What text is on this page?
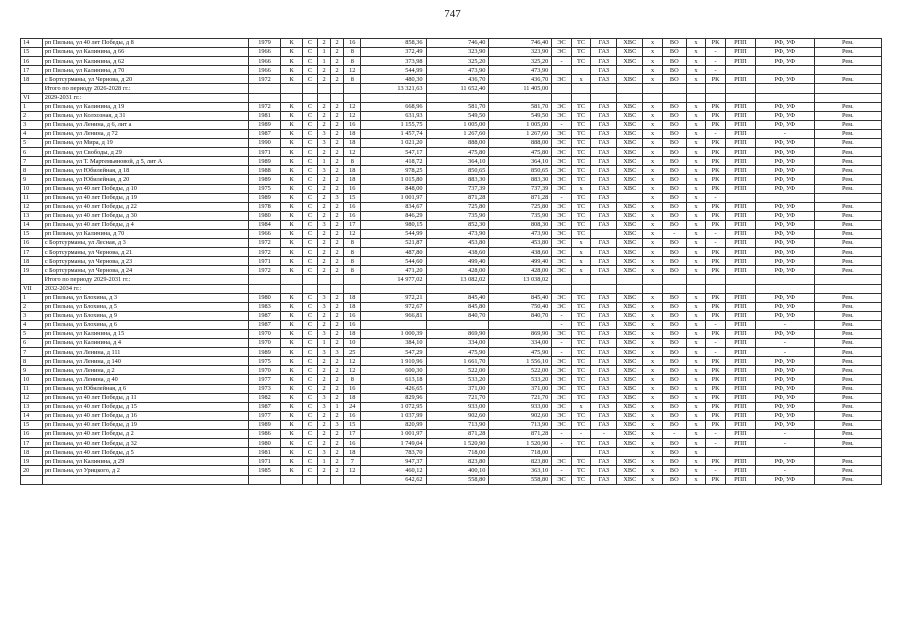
747
14	рп Пильна, ул 40 лет Победы, д 8	1979	К	С	2	2	16	858,36	746,40	746,40	ЭС	ТС	ГАЗ	ХВС	х	ВО	х	РК	РПП	РФ, УФ	Рем.
15	рп Пильна, ул Калинина, д 66	1966	К	С	1	2	8	372,49	323,90	323,90	ЭС	ТС	ГАЗ	ХВС	х	ВО	х	-	РПП	РФ, УФ	Рем.
16	рп Пильна, ул Калинина, д 62	1966	К	С	1	2	8	373,98	325,20	325,20	-	ТС	ГАЗ	ХВС	х	ВО	х	-	РПП	РФ, УФ	Рем.
17	рп Пильна, ул Калинина, д 70	1966	К	С	2	2	12	544,99	473,90	473,90			ГАЗ		х	ВО	х	-			
18	с Бортсурманы, ул Чернова, д 20	1972	К	С	2	2	8	480,30	436,70	436,70	ЭС	х	ГАЗ	ХВС	х	ВО	х	РК	РПП	РФ, УФ	Рем.
	Итого по периоду 2026-2028 гг.:							13 321,63	11 652,40	11 405,00											
VI	2029-2031 гг.:																				
1	рп Пильна, ул Калинина, д 19	1972	К	С	2	2	12	668,96	581,70	581,70	ЭС	ТС	ГАЗ	ХВС	х	ВО	х	РК	РПП	РФ, УФ	Рем.
2	рп Пильна, ул Колхозная, д 31	1981	К	С	2	2	12	631,93	549,50	549,50	ЭС	ТС	ГАЗ	ХВС	х	ВО	х	РК	РПП	РФ, УФ	Рем.
3	рп Пильна, ул Ленина, д 6, лит а	1989	К	С	2	2	16	1 155,75	1 005,00	1 005,00	-	ТС	ГАЗ	ХВС	х	ВО	х	РК	РПП	РФ, УФ	Рем.
4	рп Пильна, ул Ленина, д 72	1987	К	С	3	2	18	1 457,74	1 267,60	1 267,60	ЭС	ТС	ГАЗ	ХВС	х	ВО	х	-	РПП	-	Рем.
5	рп Пильна, ул Мира, д 19	1990	К	С	3	2	18	1 021,20	888,00	888,00	ЭС	ТС	ГАЗ	ХВС	х	ВО	х	РК	РПП	РФ, УФ	Рем.
6	рп Пильна, ул Свободы, д 29	1971	К	С	2	2	12	547,17	475,80	475,80	ЭС	ТС	ГАЗ	ХВС	х	ВО	х	РК	РПП	РФ, УФ	Рем.
7	рп Пильна, ул Т. Мартемьяновой, д 5, лит А	1989	К	С	1	2	8	418,72	364,10	364,10	ЭС	ТС	ГАЗ	ХВС	х	ВО	х	РК	РПП	РФ, УФ	Рем.
8	рп Пильна, ул Юбилейная, д 18	1988	К	С	3	2	18	978,25	850,65	850,65	ЭС	ТС	ГАЗ	ХВС	х	ВО	х	РК	РПП	РФ, УФ	Рем.
9	рп Пильна, ул Юбилейная, д 20	1989	К	С	2	2	18	1 015,80	883,30	883,30	ЭС	ТС	ГАЗ	ХВС	х	ВО	х	РК	РПП	РФ, УФ	Рем.
10	рп Пильна, ул 40 лет Победы, д 10	1975	К	С	2	2	16	848,00	737,39	737,39	ЭС	х	ГАЗ	ХВС	х	ВО	х	РК	РПП	РФ, УФ	Рем.
11	рп Пильна, ул 40 лет Победы, д 19	1989	К	С	2	3	15	1 001,97	871,28	871,28	-	ТС	ГАЗ		х	ВО	х	-			
12	рп Пильна, ул 40 лет Победы, д 22	1978	К	С	2	2	16	834,67	725,80	725,80	ЭС	ТС	ГАЗ	ХВС	х	ВО	х	РК	РПП	РФ, УФ	Рем.
13	рп Пильна, ул 40 лет Победы, д 30	1980	К	С	2	2	16	846,29	735,90	735,90	ЭС	ТС	ГАЗ	ХВС	х	ВО	х	РК	РПП	РФ, УФ	Рем.
14	рп Пильна, ул 40 лет Победы, д 4	1984	К	С	3	2	17	980,15	852,30	808,30	ЭС	ТС	ГАЗ	ХВС	х	ВО	х	РК	РПП	РФ, УФ	Рем.
15	рп Пильна, ул Калинина, д 70	1966	К	С	2	2	12	544,99	473,90	473,90	ЭС	ТС		ХВС	х	-	х	-	РПП	РФ, УФ	Рем.
16	с Бортсурманы, ул Лесная, д 3	1972	К	С	2	2	8	521,87	453,80	453,80	ЭС	х	ГАЗ	ХВС	х	ВО	х	-	РПП	РФ, УФ	Рем.
17	с Бортсурманы, ул Чернова, д 21	1972	К	С	2	2	8	487,80	438,60	438,60	ЭС	х	ГАЗ	ХВС	х	ВО	х	РК	РПП	РФ, УФ	Рем.
18	с Бортсурманы, ул Чернова, д 23	1971	К	С	2	2	8	544,60	499,40	499,40	ЭС	х	ГАЗ	ХВС	х	ВО	х	РК	РПП	РФ, УФ	Рем.
19	с Бортсурманы, ул Чернова, д 24	1972	К	С	2	2	8	471,20	428,00	428,00	ЭС	х	ГАЗ	ХВС	х	ВО	х	РК	РПП	РФ, УФ	Рем.
	Итого по периоду 2029-2031 гг.:							14 977,02	13 082,02	13 038,02											
VII	2032-2034 гг.:																				
1	рп Пильна, ул Блохина, д 3	1980	К	С	3	2	18	972,21	845,40	845,40	ЭС	ТС	ГАЗ	ХВС	х	ВО	х	РК	РПП	РФ, УФ	Рем.
2	рп Пильна, ул Блохина, д 5	1983	К	С	3	2	18	972,67	845,80	750,40	ЭС	ТС	ГАЗ	ХВС	х	ВО	х	РК	РПП	РФ, УФ	Рем.
3	рп Пильна, ул Блохина, д 9	1987	К	С	2	2	16	966,81	840,70	840,70	-	ТС	ГАЗ	ХВС	х	ВО	х	РК	РПП	РФ, УФ	Рем.
4	рп Пильна, ул Блохина, д 6	1987	К	С	2	2	16				-	ТС	ГАЗ	ХВС	х	ВО	х	-	РПП	-	Рем.
5	рп Пильна, ул Калинина, д 15	1970	К	С	3	2	18	1 000,39	869,90	869,90	ЭС	ТС	ГАЗ	ХВС	х	ВО	х	РК	РПП	РФ, УФ	Рем.
6	рп Пильна, ул Калинина, д 4	1970	К	С	1	2	10	384,10	334,00	334,00	-	ТС	ГАЗ	ХВС	х	ВО	х	-	РПП	-	Рем.
7	рп Пильна, ул Ленина, д 111	1989	К	С	3	3	25	547,29	475,90	475,90	-	ТС	ГАЗ	ХВС	х	ВО	х	-	РПП	-	Рем.
8	рп Пильна, ул Ленина, д 140	1975	К	С	2	2	12	1 910,96	1 661,70	1 556,10	ЭС	ТС	ГАЗ	ХВС	х	ВО	х	РК	РПП	РФ, УФ	Рем.
9	рп Пильна, ул Ленина, д 2	1970	К	С	2	2	12	600,30	522,00	522,00	ЭС	ТС	ГАЗ	ХВС	х	ВО	х	РК	РПП	РФ, УФ	Рем.
10	рп Пильна, ул Ленина, д 40	1977	К	С	2	2	8	613,18	533,20	533,20	ЭС	ТС	ГАЗ	ХВС	х	ВО	х	РК	РПП	РФ, УФ	Рем.
11	рп Пильна, ул Юбилейная, д 6	1973	К	С	2	2	16	426,65	371,00	371,00	ЭС	ТС	ГАЗ	ХВС	х	ВО	х	РК	РПП	РФ, УФ	Рем.
12	рп Пильна, ул 40 лет Победы, д 11	1982	К	С	3	2	18	829,96	721,70	721,70	ЭС	ТС	ГАЗ	ХВС	х	ВО	х	РК	РПП	РФ, УФ	Рем.
13	рп Пильна, ул 40 лет Победы, д 15	1987	К	С	3	1	24	1 072,95	933,00	933,00	ЭС	х	ГАЗ	ХВС	х	ВО	х	РК	РПП	РФ, УФ	Рем.
14	рп Пильна, ул 40 лет Победы, д 16	1977	К	С	2	2	16	1 037,99	902,60	902,60	ЭС	ТС	ГАЗ	ХВС	х	ВО	х	РК	РПП	РФ, УФ	Рем.
15	рп Пильна, ул 40 лет Победы, д 19	1989	К	С	2	3	15	820,99	713,90	713,90	ЭС	ТС	ГАЗ	ХВС	х	ВО	х	РК	РПП	РФ, УФ	Рем.
16	рп Пильна, ул 40 лет Победы, д 2	1986	К	С	2	2	17	1 001,97	871,28	871,28	-	-	-	ХВС	х	-	х	-	РПП	-	Рем.
17	рп Пильна, ул 40 лет Победы, д 32	1980	К	С	2	2	16	1 749,04	1 520,90	1 520,90	-	ТС	ГАЗ	ХВС	х	ВО	х	-	РПП	-	Рем.
18	рп Пильна, ул 40 лет Победы, д 5	1981	К	С	3	2	18	783,70	718,00	718,00			ГАЗ		х	ВО	х				
19	рп Пильна, ул Калинина, д 29	1971	К	С	1	2	7	947,37	823,80	823,80	ЭС	ТС	ГАЗ	ХВС	х	ВО	х	РК	РПП	РФ, УФ	Рем.
20	рп Пильна, ул Урицкого, д 2	1985	К	С	2	2	12	460,12	400,10	363,10	-	ТС	ГАЗ	ХВС	х	ВО	х	-	РПП	-	Рем.
								642,62	558,80	558,80	ЭС	ТС	ГАЗ	ХВС	х	ВО	х	РК	РПП	РФ, УФ	Рем.
